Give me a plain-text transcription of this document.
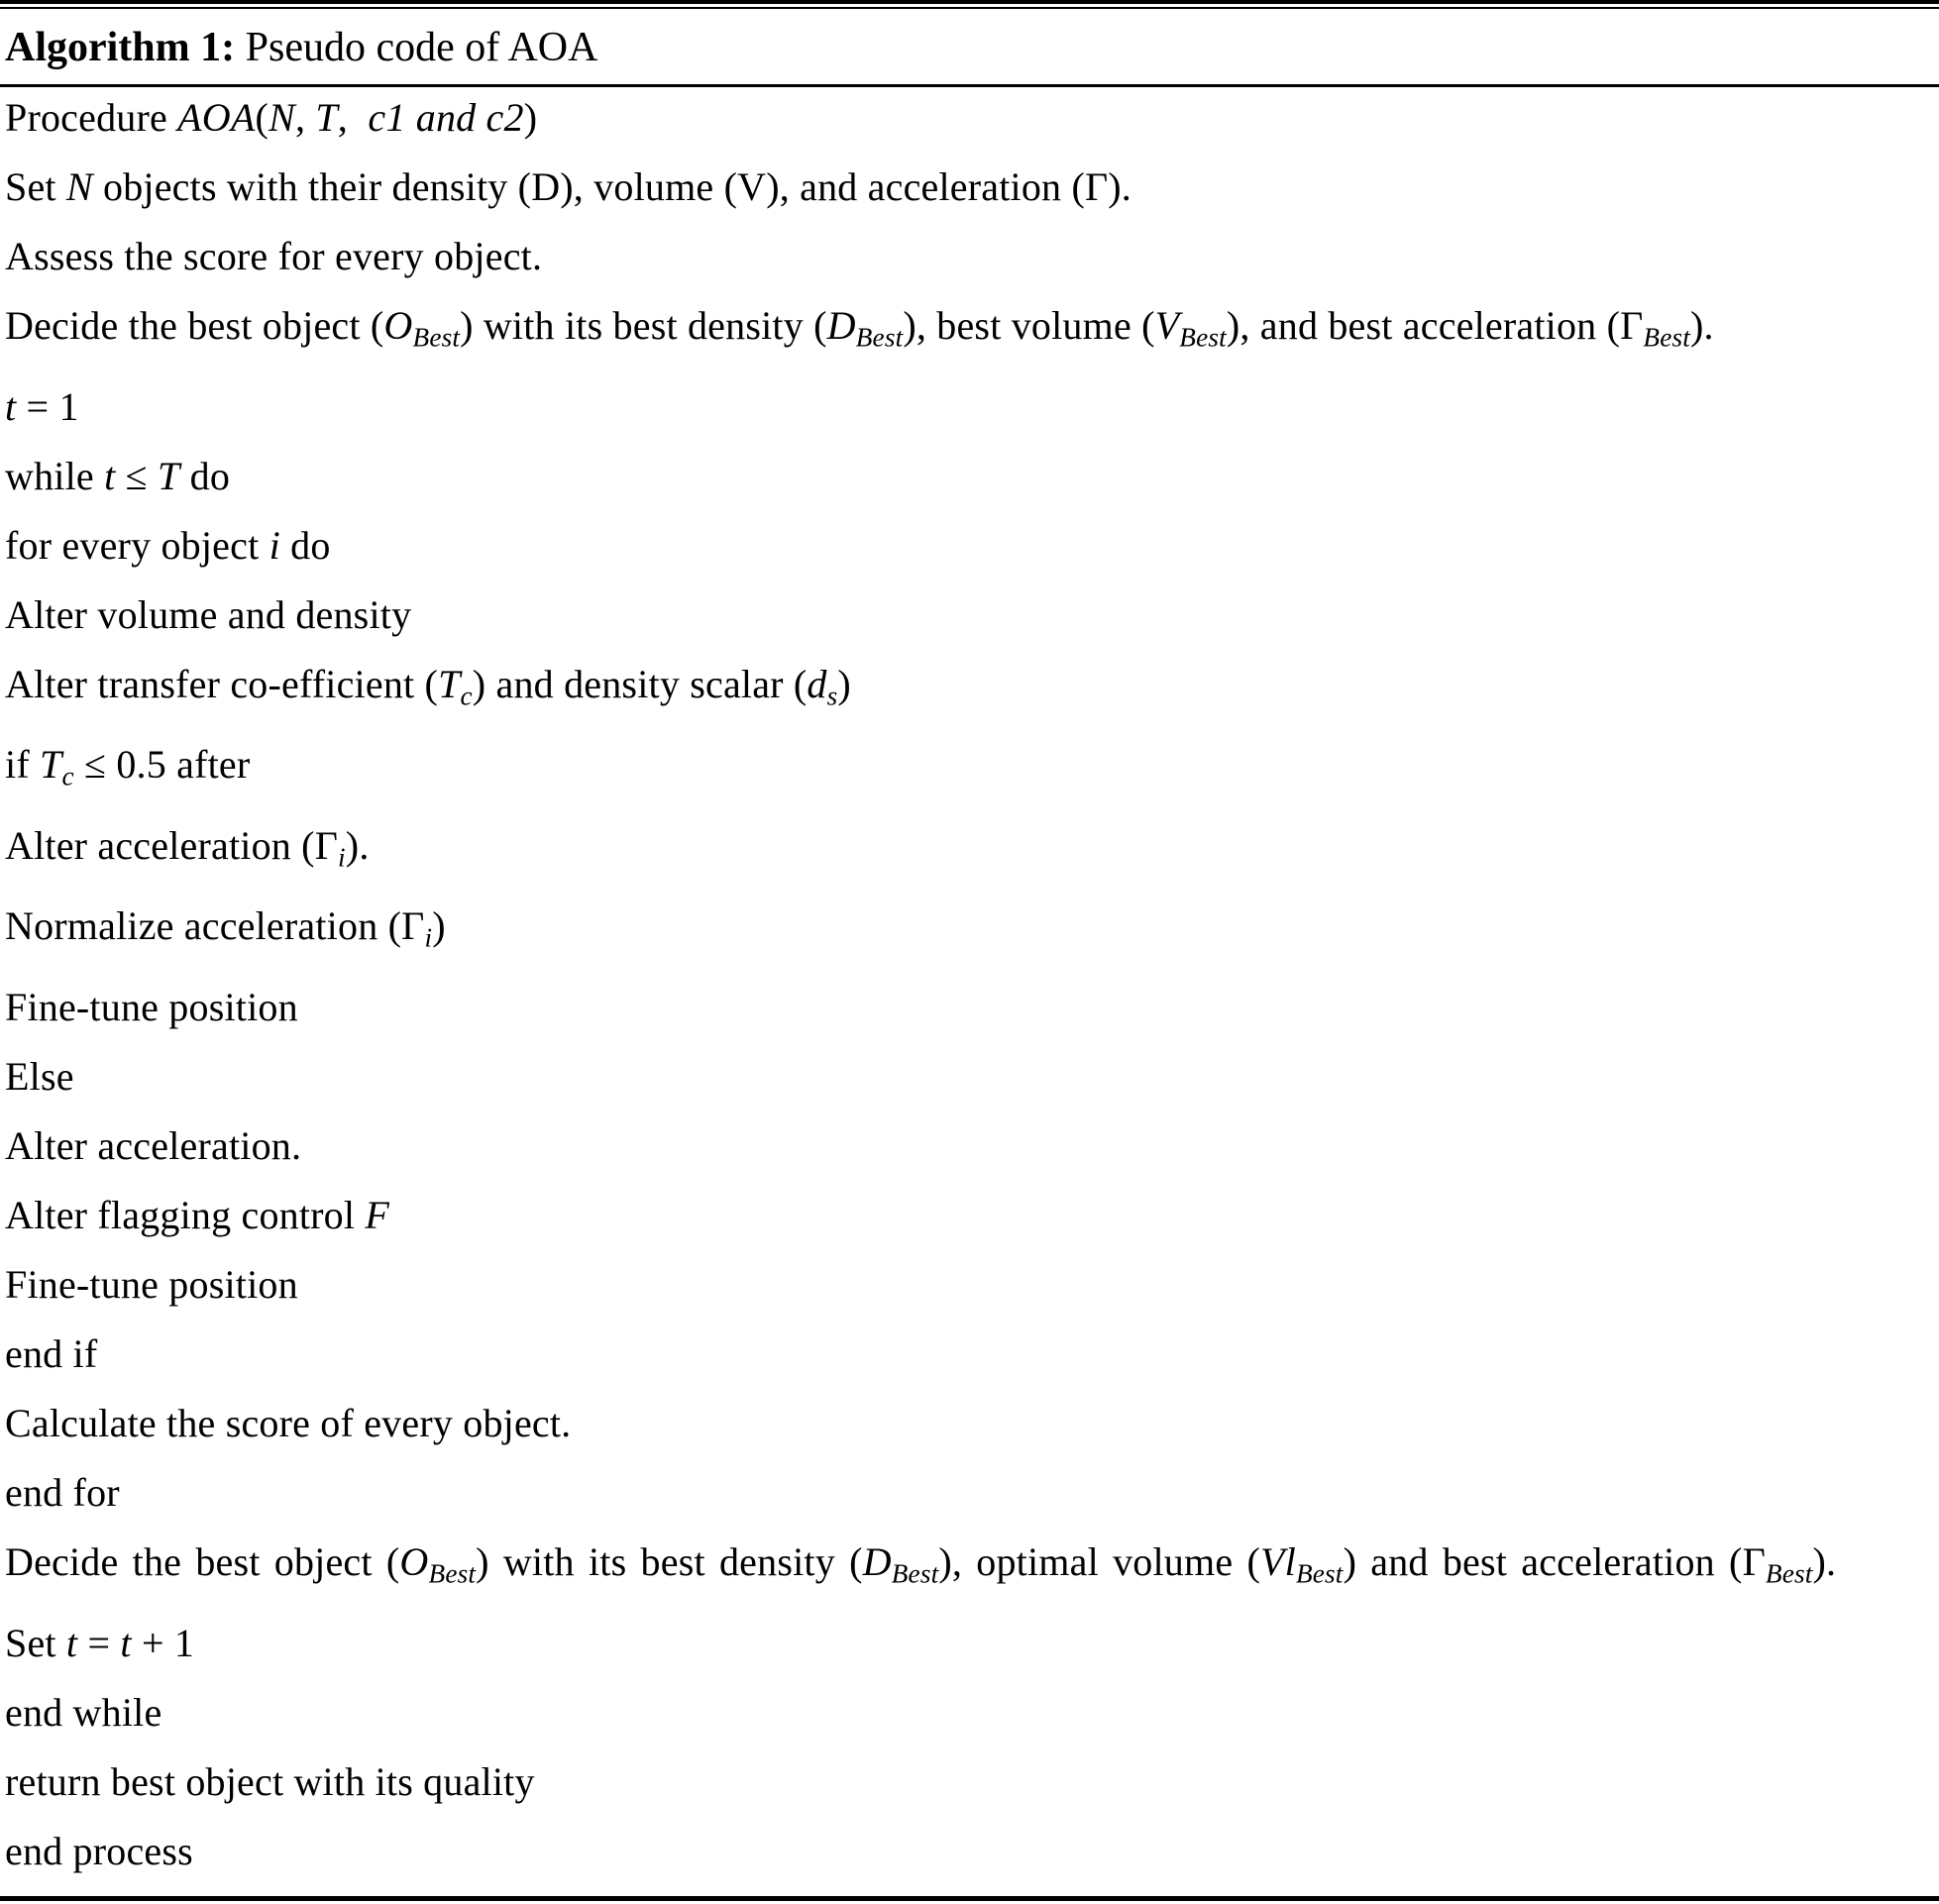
Algorithm 1: Pseudo code of AOA
Procedure AOA(N, T,  c1 and c2)
Set N objects with their density (D), volume (V), and acceleration (Γ).
Assess the score for every object.
Decide the best object $(O_{Best})$ with its best density $(D_{Best})$, best volume $(V_{Best})$, and best acceleration $(\Gamma_{Best})$.
t = 1
while t ≤ T do
for every object i do
Alter volume and density
Alter transfer co-efficient $(T_c)$ and density scalar $(d_s)$
if $T_c \le 0.5$ after
Alter acceleration $(\Gamma_i)$.
Normalize acceleration $(\Gamma_i)$
Fine-tune position
Else
Alter acceleration.
Alter flagging control F
Fine-tune position
end if
Calculate the score of every object.
end for
Decide the best object $(O_{Best})$ with its best density $(D_{Best})$, optimal volume $(Vl_{Best})$ and best acceleration $(\Gamma_{Best})$.
Set t = t + 1
end while
return best object with its quality
end process
